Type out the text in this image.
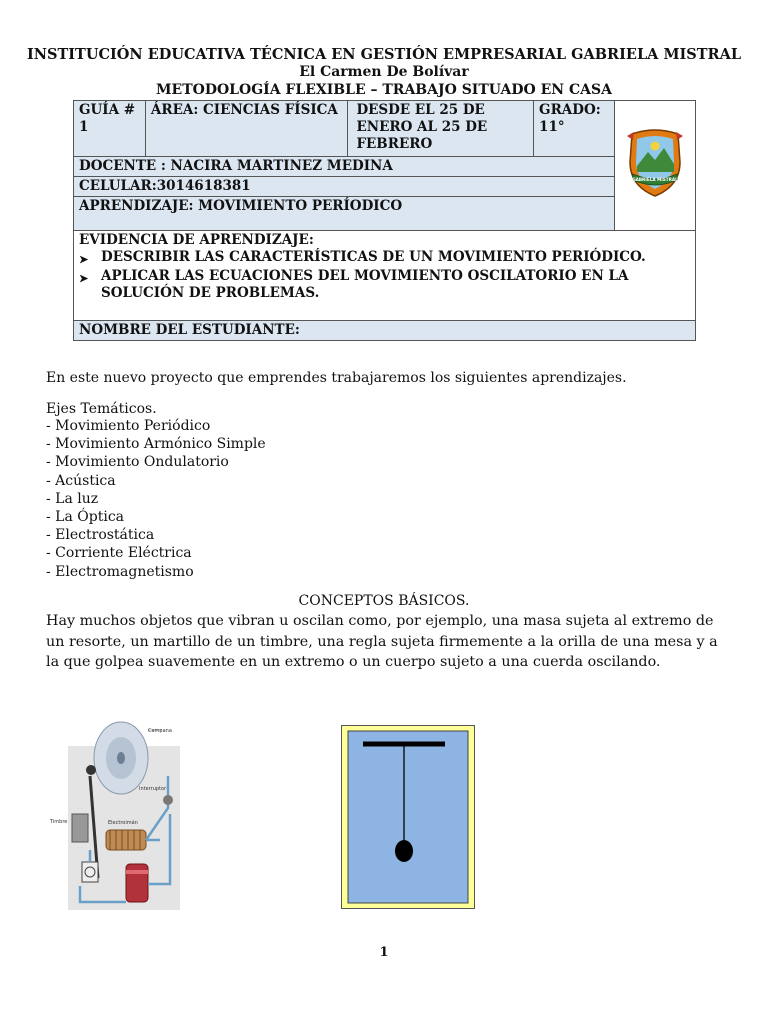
INSTITUCIÓN EDUCATIVA TÉCNICA EN GESTIÓN EMPRESARIAL GABRIELA MISTRAL
El Carmen De Bolívar
METODOLOGÍA FLEXIBLE – TRABAJO SITUADO EN CASA
GUÍA # 1	ÁREA: CIENCIAS FÍSICA	DESDE EL 25 DE ENERO AL 25 DE FEBRERO	GRADO: 11°	
GABRIELA MISTRAL

DOCENTE : NACIRA MARTINEZ MEDINA
CELULAR:3014618381
APRENDIZAJE: MOVIMIENTO PERÍODICO

EVIDENCIA DE APRENDIZAJE:
➤ DESCRIBIR LAS CARACTERÍSTICAS DE UN MOVIMIENTO PERIÓDICO.
➤ APLICAR LAS ECUACIONES DEL MOVIMIENTO OSCILATORIO EN LA SOLUCIÓN DE PROBLEMAS.

NOMBRE DEL ESTUDIANTE:
En este nuevo proyecto que emprendes trabajaremos los siguientes aprendizajes.
Ejes Temáticos.
- Movimiento Periódico
- Movimiento Armónico Simple
- Movimiento Ondulatorio
- Acústica
- La luz
- La Óptica
- Electrostática
- Corriente Eléctrica
- Electromagnetismo
CONCEPTOS BÁSICOS.
Hay muchos objetos que vibran u oscilan como, por ejemplo, una masa sujeta al extremo de un resorte, un martillo de un timbre, una regla sujeta firmemente a la orilla de una mesa y a la que golpea suavemente en un extremo o un cuerpo sujeto a una cuerda oscilando.
Campana
Electroimán
Interruptor
Timbre
1
